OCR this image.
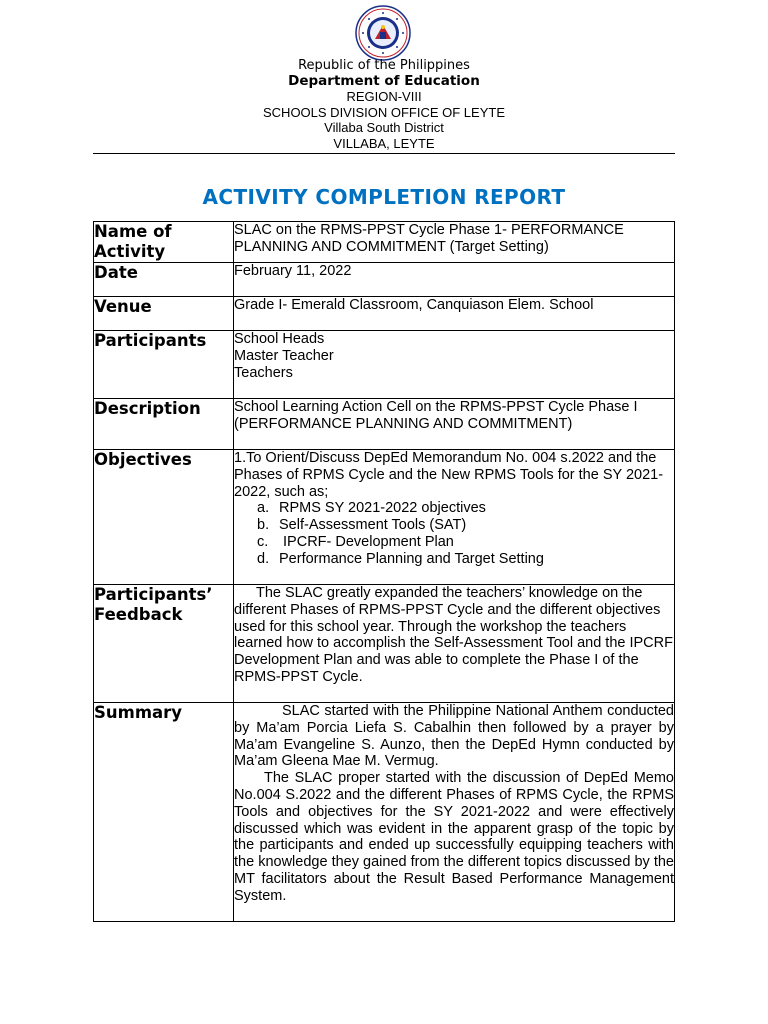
Republic of the Philippines
Department of Education
REGION-VIII
SCHOOLS DIVISION OFFICE OF LEYTE
Villaba South District
VILLABA, LEYTE
ACTIVITY COMPLETION REPORT
Name of Activity	SLAC on the RPMS-PPST Cycle Phase 1- PERFORMANCE PLANNING AND COMMITMENT (Target Setting)
Date	February 11, 2022
Venue	Grade I- Emerald Classroom, Canquiason Elem. School
Participants	School Heads
Master Teacher
Teachers

Description	School Learning Action Cell on the RPMS-PPST Cycle Phase I (PERFORMANCE PLANNING AND COMMITMENT)
Objectives	1.To Orient/Discuss DepEd Memorandum No. 004 s.2022 and the Phases of RPMS Cycle and the New RPMS Tools for the SY 2021-2022, such as;
a. RPMS SY 2021-2022 objectives
b. Self-Assessment Tools (SAT)
c. IPCRF- Development Plan
d. Performance Planning and Target Setting

Participants’ Feedback	The SLAC greatly expanded the teachers’ knowledge on the different Phases of RPMS-PPST Cycle and the different objectives used for this school year. Through the workshop the teachers learned how to accomplish the Self-Assessment Tool and the IPCRF Development Plan and was able to complete the Phase I of the RPMS-PPST Cycle.

Summary	SLAC started with the Philippine National Anthem conducted by Ma’am Porcia Liefa S. Cabalhin then followed by a prayer by Ma’am Evangeline S. Aunzo, then the DepEd Hymn conducted by Ma’am Gleena Mae M. Vermug.
The SLAC proper started with the discussion of DepEd Memo No.004 S.2022 and the different Phases of RPMS Cycle, the RPMS Tools and objectives for the SY 2021-2022 and were effectively discussed which was evident in the apparent grasp of the topic by the participants and ended up successfully equipping teachers with the knowledge they gained from the different topics discussed by the MT facilitators about the Result Based Performance Management System.
